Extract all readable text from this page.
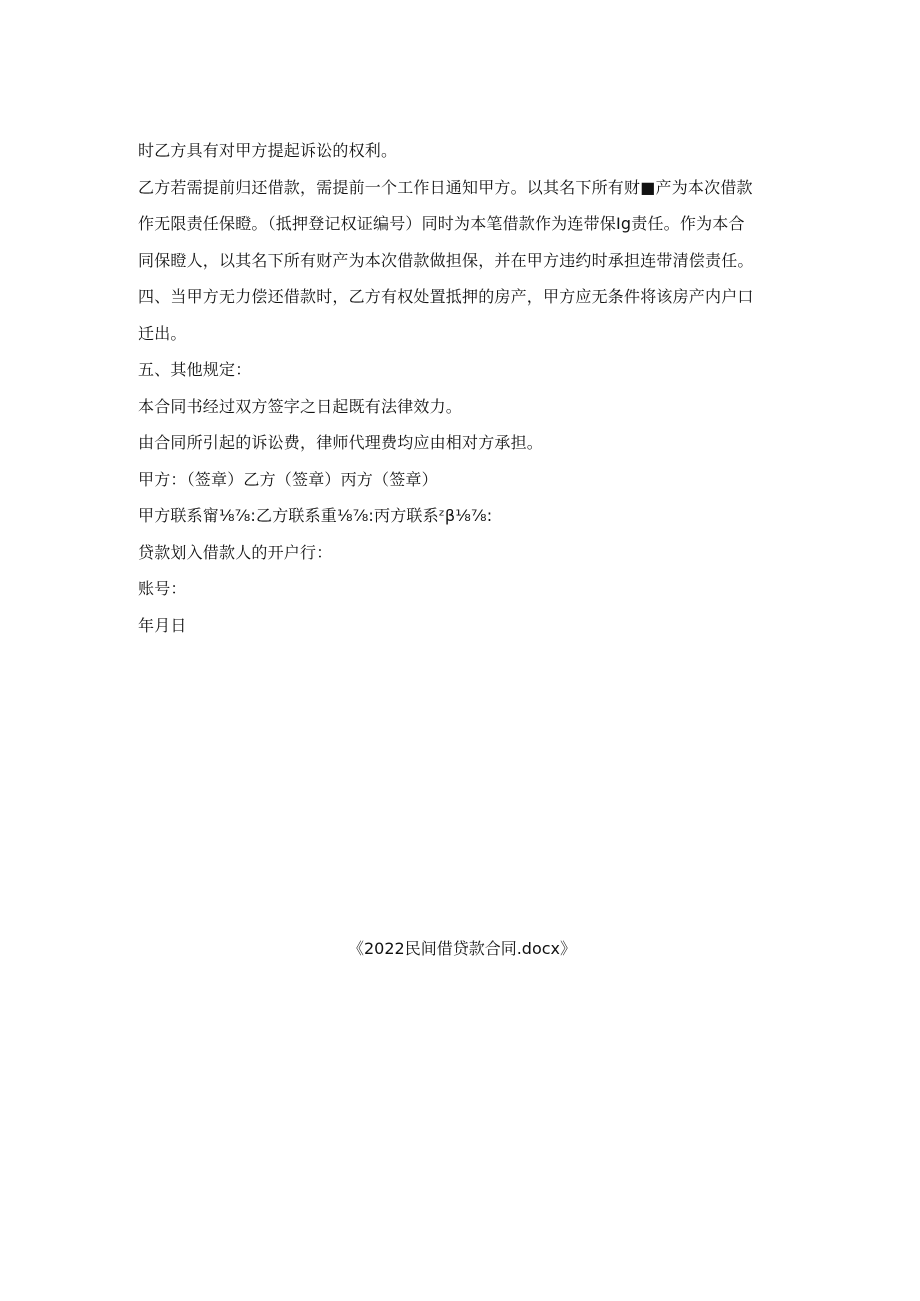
时乙方具有对甲方提起诉讼的权利。
乙方若需提前归还借款，需提前一个工作日通知甲方。以其名下所有财■产为本次借款
作无限责任保瞪。（抵押登记权证编号）同时为本笔借款作为连带保Ig责任。作为本合
同保瞪人，以其名下所有财产为本次借款做担保，并在甲方违约时承担连带清偿责任。
四、当甲方无力偿还借款时，乙方有权处置抵押的房产，甲方应无条件将该房产内户口
迁出。
五、其他规定：
本合同书经过双方签字之日起既有法律效力。
由合同所引起的诉讼费，律师代理费均应由相对方承担。
甲方：（签章）乙方（签章）丙方（签章）
甲方联系甯⅛⅞:乙方联系重⅛⅞:丙方联系ᶻβ⅛⅞:
贷款划入借款人的开户行：
账号：
年月日
《2022民间借贷款合同.docx》
